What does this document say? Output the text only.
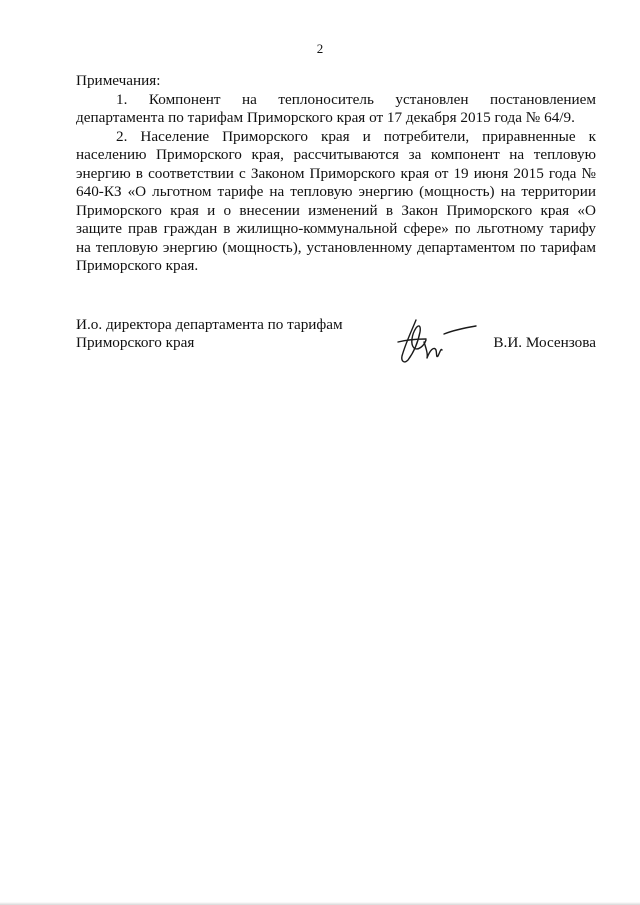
2

Примечания:

1. Компонент на теплоноситель установлен постановлением департамента по тарифам Приморского края от 17 декабря 2015 года № 64/9.

2. Население Приморского края и потребители, приравненные к населению Приморского края, рассчитываются за компонент на тепловую энергию в соответствии с Законом Приморского края от 19 июня 2015 года № 640-КЗ «О льготном тарифе на тепловую энергию (мощность) на территории Приморского края и о внесении изменений в Закон Приморского края «О защите прав граждан в жилищно-коммунальной сфере» по льготному тарифу на тепловую энергию (мощность), установленному департаментом по тарифам Приморского края.

И.о. директора департамента по тарифам
Приморского края	В.И. Мосензова
